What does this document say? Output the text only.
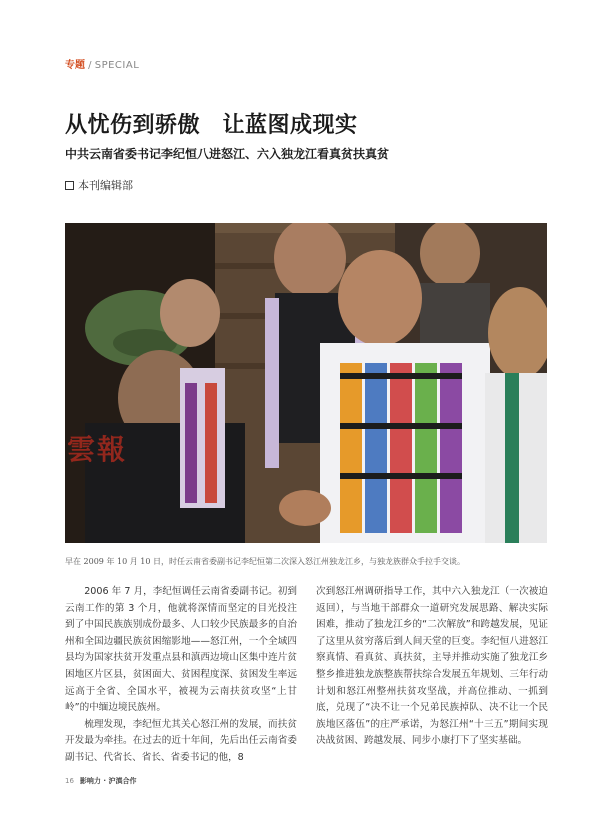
专题 / SPECIAL
从忧伤到骄傲　让蓝图成现实
中共云南省委书记李纪恒八进怒江、六入独龙江看真贫扶真贫
本刊编辑部
雲報
早在 2009 年 10 月 10 日，时任云南省委副书记李纪恒第二次深入怒江州独龙江乡，与独龙族群众手拉手交谈。

2006 年 7 月，李纪恒调任云南省委副书记。初到云南工作的第 3 个月，他就将深情而坚定的目光投注到了中国民族族别成份最多、人口较少民族最多的自治州和全国边疆民族贫困缩影地——怒江州，一个全域四县均为国家扶贫开发重点县和滇西边境山区集中连片贫困地区片区县，贫困面大、贫困程度深、贫困发生率远远高于全省、全国水平，被视为云南扶贫攻坚“上甘岭”的中缅边境民族州。

梳理发现，李纪恒尤其关心怒江州的发展，而扶贫开发最为牵挂。在过去的近十年间，先后出任云南省委副书记、代省长、省长、省委书记的他，8

次到怒江州调研指导工作，其中六入独龙江（一次被迫返回），与当地干部群众一道研究发展思路、解决实际困难，推动了独龙江乡的“二次解放”和跨越发展，见证了这里从贫穷落后到人间天堂的巨变。李纪恒八进怒江察真情、看真贫、真扶贫，主导并推动实施了独龙江乡整乡推进独龙族整族帮扶综合发展五年规划、三年行动计划和怒江州整州扶贫攻坚战，并高位推动、一抓到底，兑现了“决不让一个兄弟民族掉队、决不让一个民族地区落伍”的庄严承诺，为怒江州“十三五”期间实现决战贫困、跨越发展、同步小康打下了坚实基础。

16 影响力 · 沪滇合作
